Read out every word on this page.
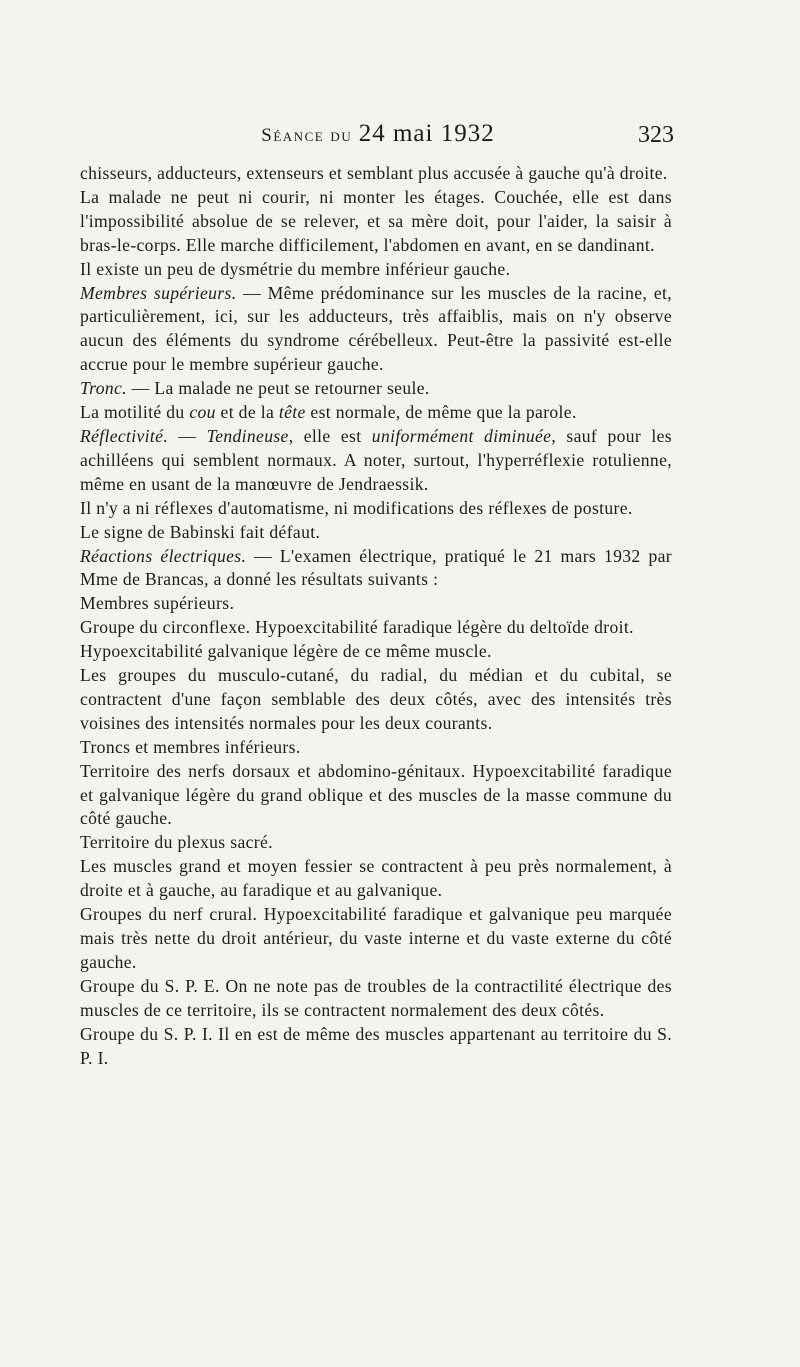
Séance du 24 mai 1932	323

chisseurs, adducteurs, extenseurs et semblant plus accusée à gauche qu'à droite.

La malade ne peut ni courir, ni monter les étages. Couchée, elle est dans l'impossibilité absolue de se relever, et sa mère doit, pour l'aider, la saisir à bras-le-corps. Elle marche difficilement, l'abdomen en avant, en se dandinant.

Il existe un peu de dysmétrie du membre inférieur gauche.

Membres supérieurs. — Même prédominance sur les muscles de la racine, et, particulièrement, ici, sur les adducteurs, très affaiblis, mais on n'y observe aucun des éléments du syndrome cérébelleux. Peut-être la passivité est-elle accrue pour le membre supérieur gauche.

Tronc. — La malade ne peut se retourner seule.

La motilité du cou et de la tête est normale, de même que la parole.

Réflectivité. — Tendineuse, elle est uniformément diminuée, sauf pour les achilléens qui semblent normaux. A noter, surtout, l'hyperréflexie rotulienne, même en usant de la manœuvre de Jendraessik.

Il n'y a ni réflexes d'automatisme, ni modifications des réflexes de posture.

Le signe de Babinski fait défaut.

Réactions électriques. — L'examen électrique, pratiqué le 21 mars 1932 par Mme de Brancas, a donné les résultats suivants :

Membres supérieurs.

Groupe du circonflexe. Hypoexcitabilité faradique légère du deltoïde droit.

Hypoexcitabilité galvanique légère de ce même muscle.

Les groupes du musculo-cutané, du radial, du médian et du cubital, se contractent d'une façon semblable des deux côtés, avec des intensités très voisines des intensités normales pour les deux courants.

Troncs et membres inférieurs.

Territoire des nerfs dorsaux et abdomino-génitaux. Hypoexcitabilité faradique et galvanique légère du grand oblique et des muscles de la masse commune du côté gauche.

Territoire du plexus sacré.

Les muscles grand et moyen fessier se contractent à peu près normalement, à droite et à gauche, au faradique et au galvanique.

Groupes du nerf crural. Hypoexcitabilité faradique et galvanique peu marquée mais très nette du droit antérieur, du vaste interne et du vaste externe du côté gauche.

Groupe du S. P. E. On ne note pas de troubles de la contractilité électrique des muscles de ce territoire, ils se contractent normalement des deux côtés.

Groupe du S. P. I. Il en est de même des muscles appartenant au territoire du S. P. I.
